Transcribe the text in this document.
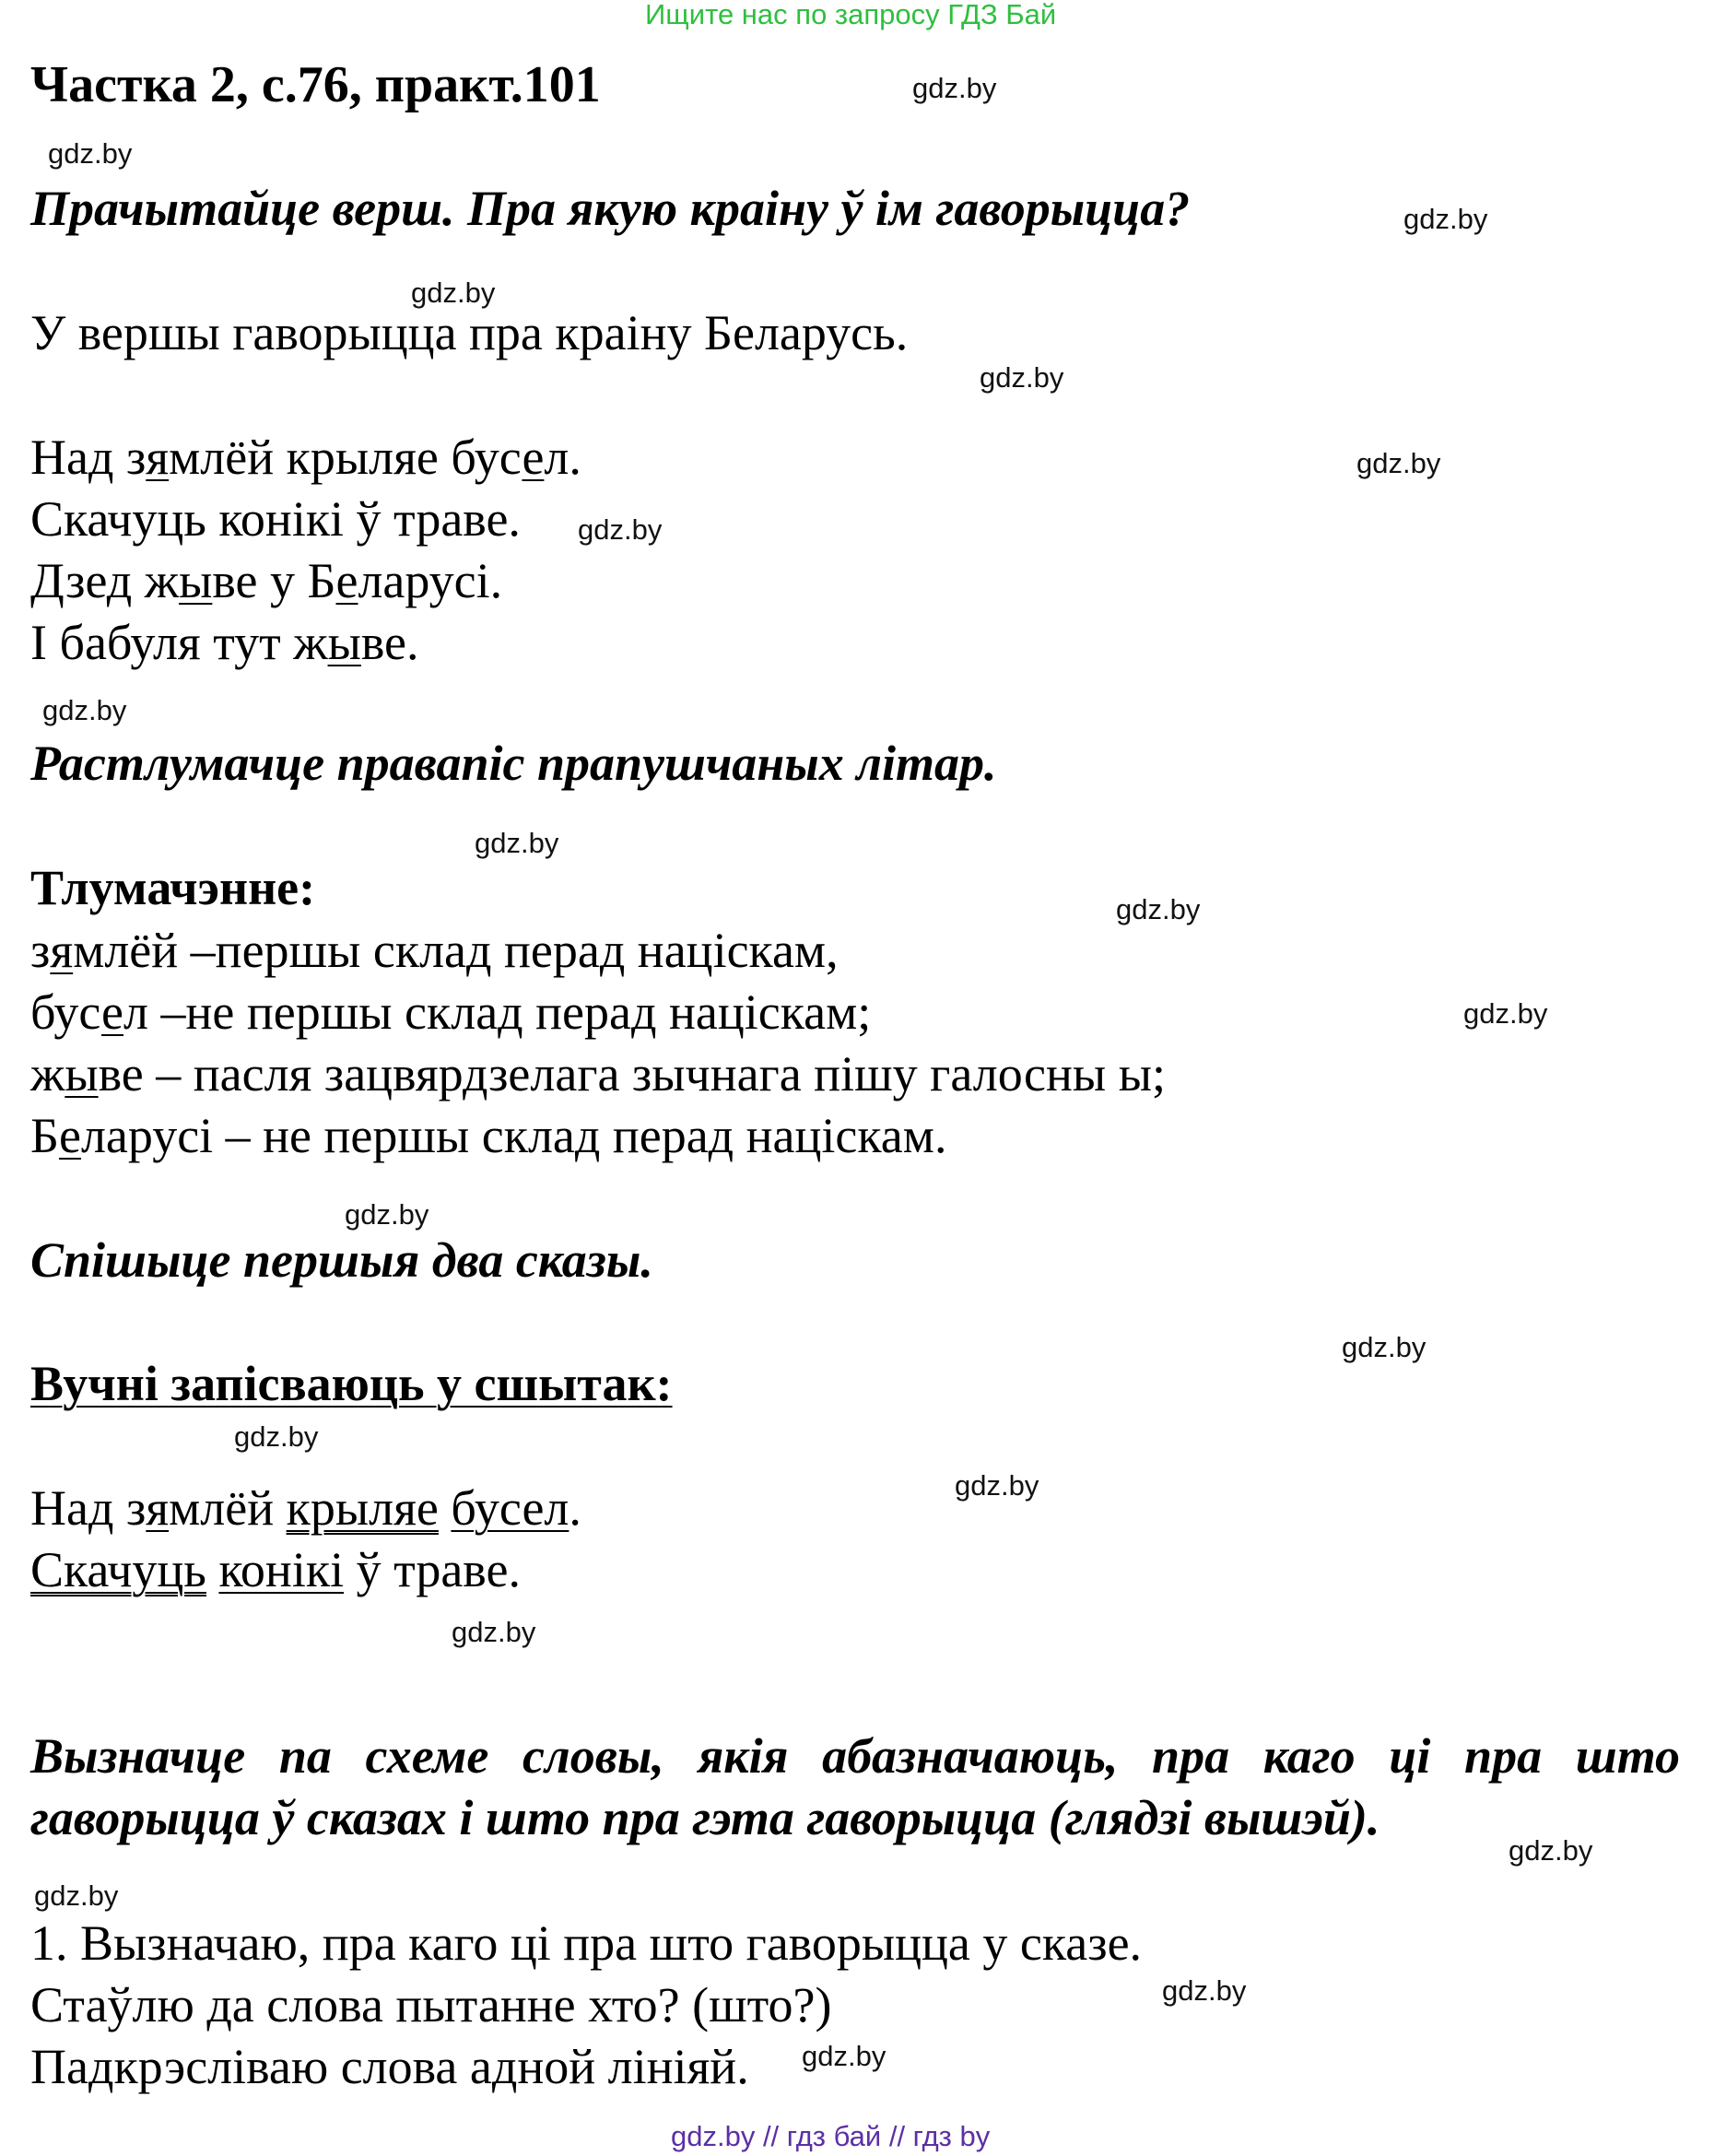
Ищите нас по запросу ГДЗ Бай
Частка 2, с.76, практ.101	gdz.by
gdz.by
Прачытайце верш. Пра якую краіну ў ім гаворыцца?	gdz.by
gdz.by
У вершы гаворыцца пра краіну Беларусь.
gdz.by
Над зямлёй крыляе бусел.	gdz.by
Скачуць конікі ў траве. gdz.by
Дзед жыве у Беларусі.
І бабуля тут жыве.
gdz.by
Растлумачце правапіс прапушчаных літар.
gdz.by
Тлумачэнне:	gdz.by
зямлёй –першы склад перад націскам,
бусел –не першы склад перад націскам;	gdz.by
жыве – пасля зацвярдзелага зычнага пішу галосны ы;
Беларусі – не першы склад перад націскам.
gdz.by
Спішыце першыя два сказы.
gdz.by
Вучні запісваюць у сшытак:
gdz.by
gdz.by
Над зямлёй крыляе бусел.
Скачуць конікі ў траве.
gdz.by
Вызначце па схеме словы, якія абазначаюць, пра каго ці пра што
гаворыцца ў сказах і што пра гэта гаворыцца (глядзі вышэй).
gdz.by
gdz.by
1. Вызначаю, пра каго ці пра што гаворыцца у сказе.
gdz.by
Стаўлю да слова пытанне хто? (што?)
Падкрэсліваю слова адной лініяй. gdz.by
gdz.by // гдз бай // гдз by
